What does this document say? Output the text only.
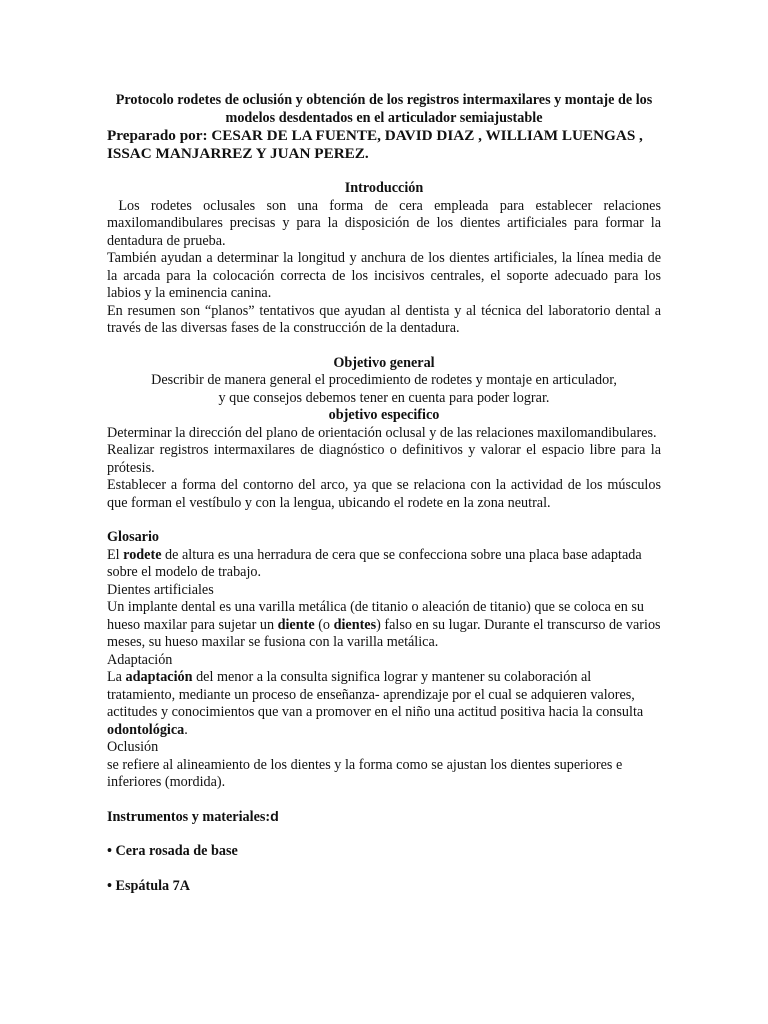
Protocolo rodetes de oclusión y obtención de los registros intermaxilares y montaje de los modelos desdentados en el articulador semiajustable

Preparado por: CESAR DE LA FUENTE, DAVID DIAZ , WILLIAM LUENGAS , ISSAC MANJARREZ Y JUAN PEREZ.

Introducción

Los rodetes oclusales son una forma de cera empleada para establecer relaciones maxilomandibulares precisas y para la disposición de los dientes artificiales para formar la dentadura de prueba.

También ayudan a determinar la longitud y anchura de los dientes artificiales, la línea media de la arcada para la colocación correcta de los incisivos centrales, el soporte adecuado para los labios y la eminencia canina.

En resumen son “planos” tentativos que ayudan al dentista y al técnica del laboratorio dental a través de las diversas fases de la construcción de la dentadura.

Objetivo general

Describir de manera general el procedimiento de rodetes y montaje en articulador, y que consejos debemos tener en cuenta para poder lograr.

objetivo especifico

Determinar la dirección del plano de orientación oclusal y de las relaciones maxilomandibulares.

Realizar registros intermaxilares de diagnóstico o definitivos y valorar el espacio libre para la prótesis.

Establecer a forma del contorno del arco, ya que se relaciona con la actividad de los músculos que forman el vestíbulo y con la lengua, ubicando el rodete en la zona neutral.

Glosario

El rodete de altura es una herradura de cera que se confecciona sobre una placa base adaptada sobre el modelo de trabajo.

Dientes artificiales

Un implante dental es una varilla metálica (de titanio o aleación de titanio) que se coloca en su hueso maxilar para sujetar un diente (o dientes) falso en su lugar. Durante el transcurso de varios meses, su hueso maxilar se fusiona con la varilla metálica.

Adaptación

La adaptación del menor a la consulta significa lograr y mantener su colaboración al tratamiento, mediante un proceso de enseñanza- aprendizaje por el cual se adquieren valores, actitudes y conocimientos que van a promover en el niño una actitud positiva hacia la consulta odontológica.

Oclusión

se refiere al alineamiento de los dientes y la forma como se ajustan los dientes superiores e inferiores (mordida).

Instrumentos y materiales:d

• Cera rosada de base

• Espátula 7A
